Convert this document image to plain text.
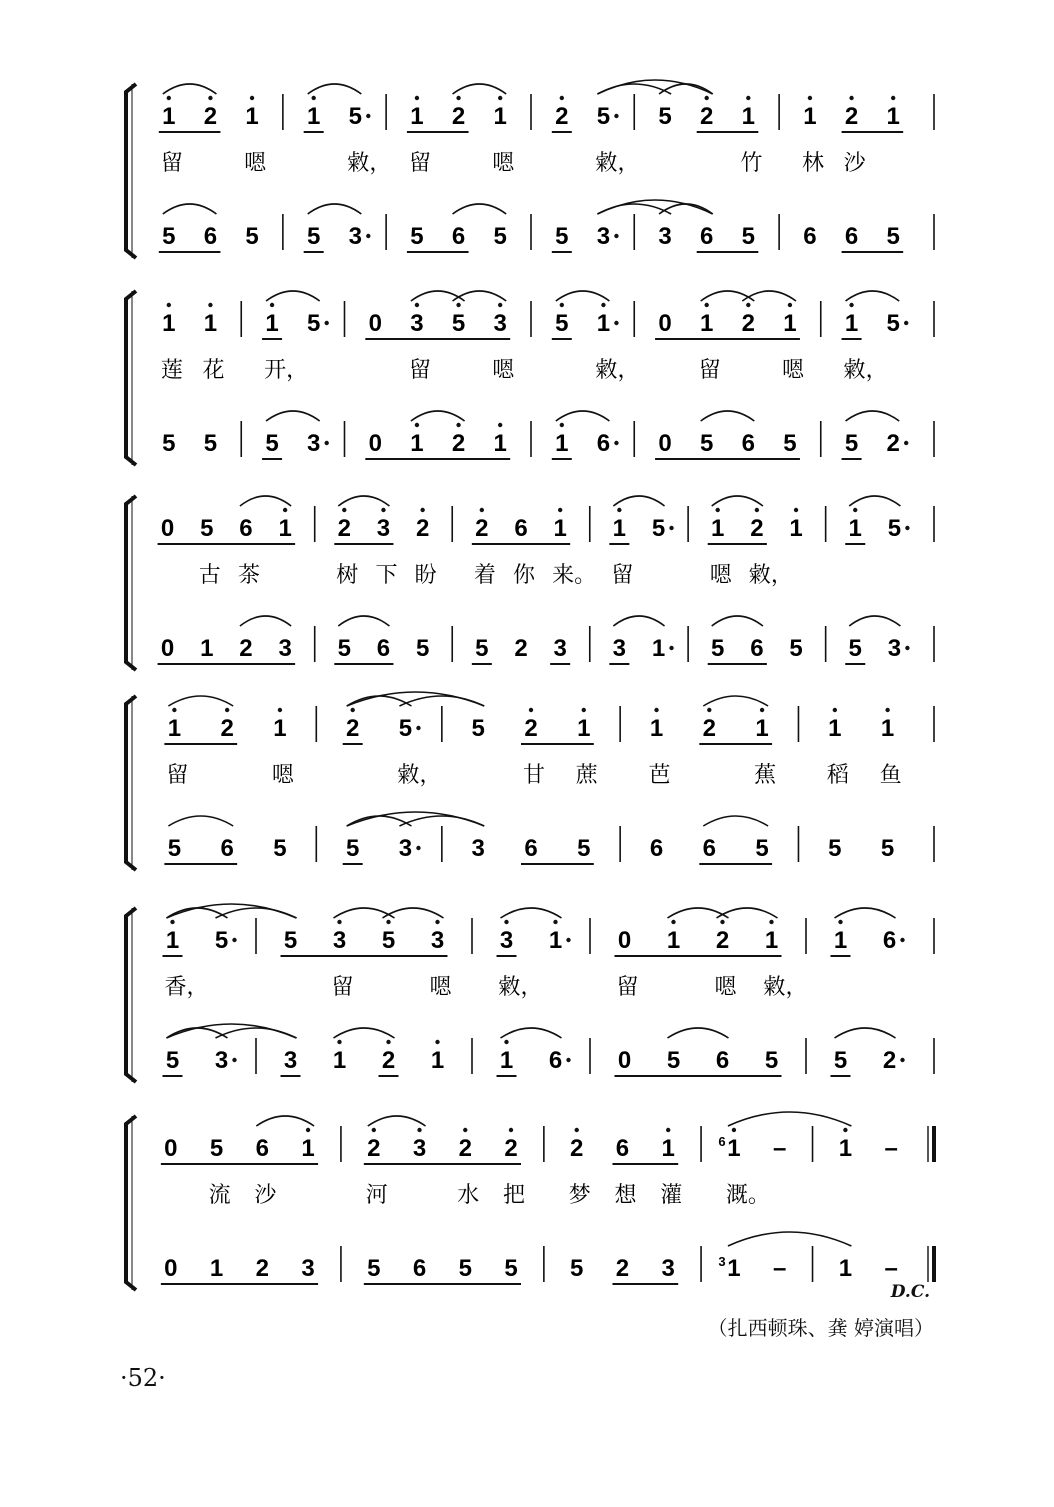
1 2 1 1 5 1 2 1 2 5 5 2 1 1 2 1
5 6 5 5 3 5 6 5 5 3 3 6 5 6 6 5
留	嗯	敹， 留	嗯	敹，	竹 林 沙
1 1 1 5 0 3 5 3 5 1 0 1 2 1 1 5
5 5 5 3 0 1 2 1 1 6 0 5 6 5 5 2
莲 花 开，	留	嗯	敹，	留	嗯 敹，
0 5 6 1 2 3 2 2 6 1 1 5 1 2 1 1 5
0 1 2 3 5 6 5 5 2 3 3 1 5 6 5 5 3
古 茶	树 下 盼 着 你 来。 留	嗯 敹，
1 2 1 2 5 5 2 1 1 2 1 1 1
5 6 5 5 3 3 6 5 6 6 5 5 5
留	嗯	敹，	甘 蔗 芭	蕉 稻 鱼
1 5 5 3 5 3 3 1 0 1 2 1 1 6
5 3 3 1 2 1 1 6 0 5 6 5 5 2
香，	留	嗯 敹，	留	嗯 敹，
0 5 6 1 2 3 2 2 2 6 1 1
6 – 1 –
0 1 2 3 5 6 5 5 5 2 3 1
3 – 1 –
流 沙	河	水 把 梦 想 灌 溉。
D.C.
（扎西顿珠、龚 婷演唱）
·52·
